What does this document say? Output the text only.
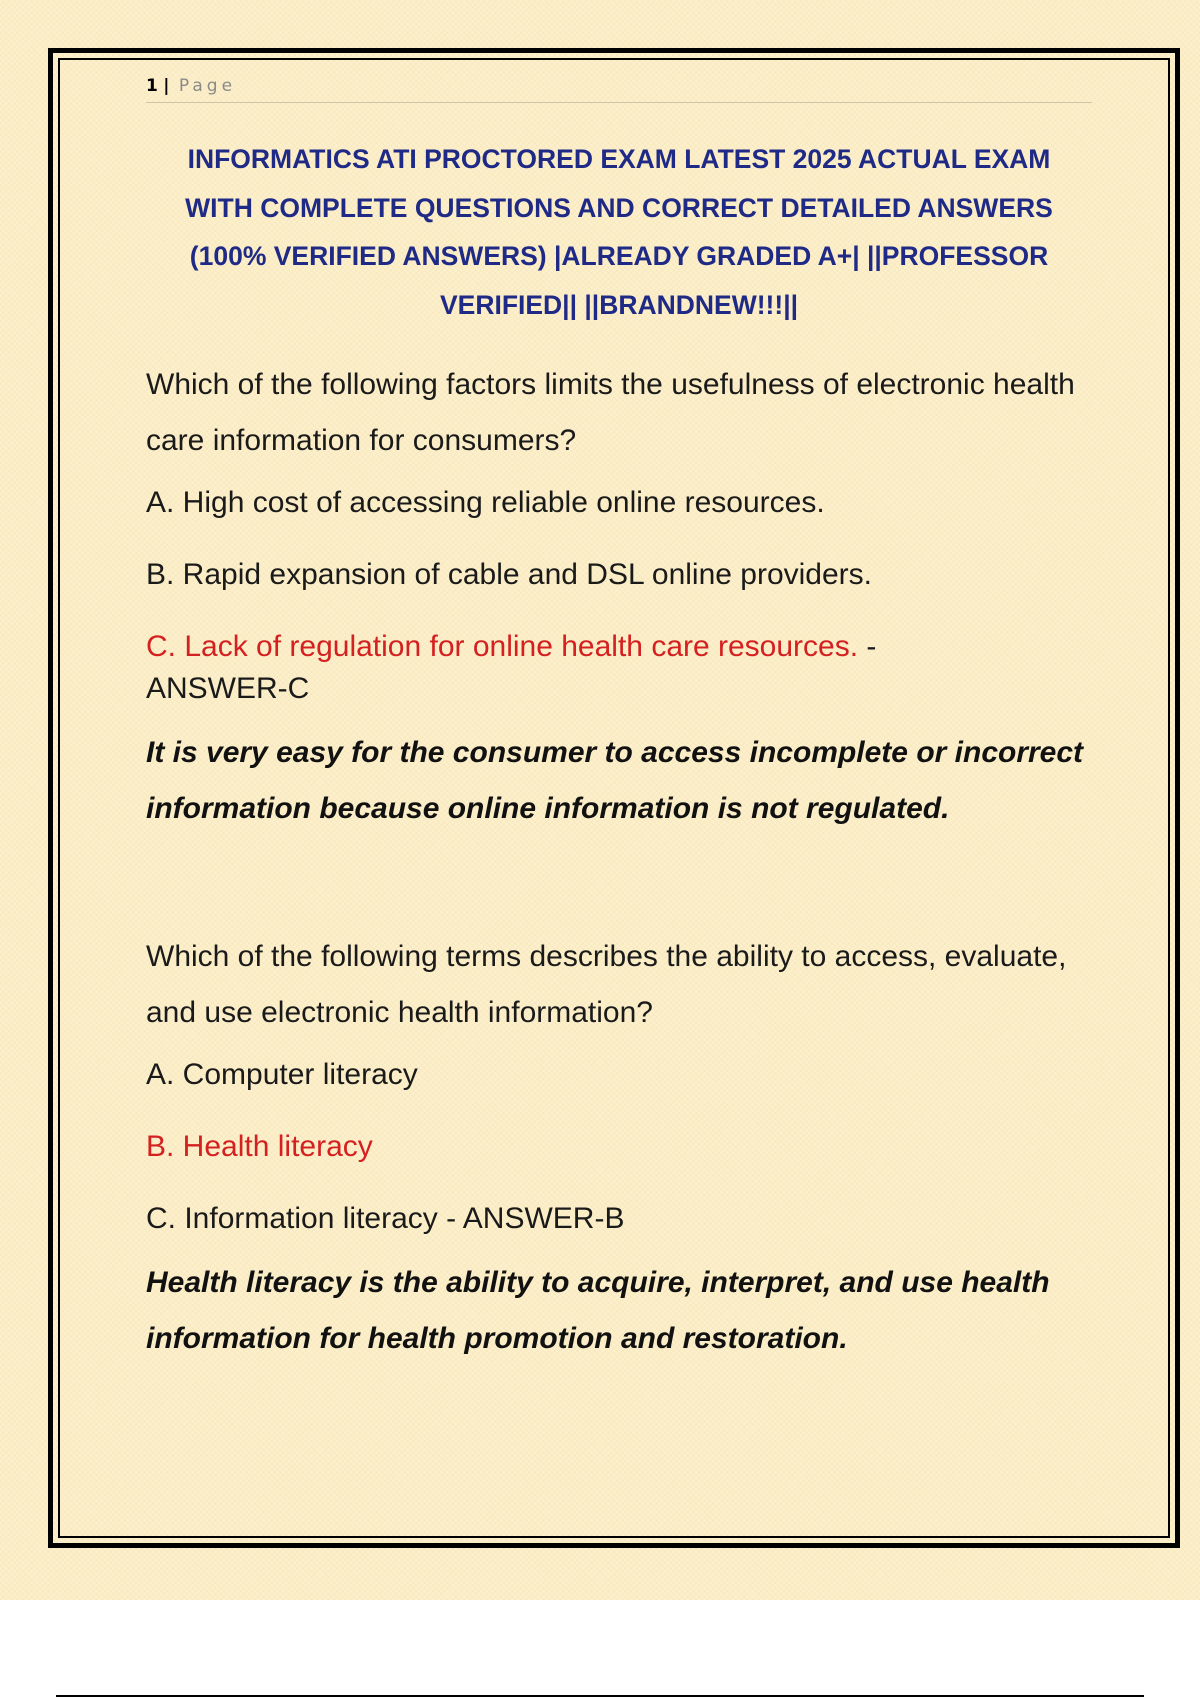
1 | Page
INFORMATICS ATI PROCTORED EXAM LATEST 2025 ACTUAL EXAM
WITH COMPLETE QUESTIONS AND CORRECT DETAILED ANSWERS
(100% VERIFIED ANSWERS) |ALREADY GRADED A+| ||PROFESSOR
VERIFIED|| ||BRANDNEW!!!||
Which of the following factors limits the usefulness of electronic health care information for consumers?
A. High cost of accessing reliable online resources.
B. Rapid expansion of cable and DSL online providers.
C. Lack of regulation for online health care resources. -
ANSWER-C
It is very easy for the consumer to access incomplete or incorrect information because online information is not regulated.
Which of the following terms describes the ability to access, evaluate, and use electronic health information?
A. Computer literacy
B. Health literacy
C. Information literacy - ANSWER-B
Health literacy is the ability to acquire, interpret, and use health information for health promotion and restoration.
